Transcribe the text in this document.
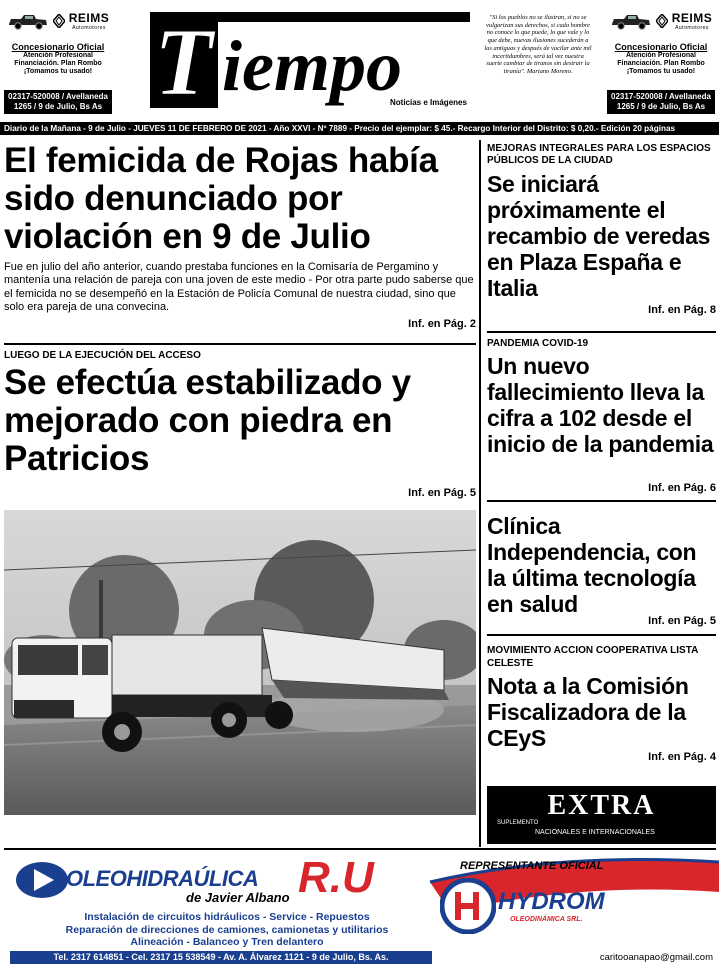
REIMS
Automotores
Concesionario Oficial
Atención Profesional
Financiación. Plan Rombo
¡Tomamos tu usado!
02317-520008 / Avellaneda
1265 / 9 de Julio, Bs As T iempo
Noticias e Imágenes
"Si los pueblos no se ilustran, si no se vulgarizan sus derechos, si cada hombre no conoce lo que puede, lo que vale y lo que debe, nuevas ilusiones sucederán a las antiguas y después de vacilar ante mil incertidumbres, será tal vez nuestra suerte cambiar de tiranos sin destruir la tiranía". Mariano Moreno.
REIMS
Automotores
Concesionario Oficial
Atención Profesional
Financiación. Plan Rombo
¡Tomamos tu usado!
02317-520008 / Avellaneda
1265 / 9 de Julio, Bs As
Diario de la Mañana - 9 de Julio - JUEVES 11 DE FEBRERO DE 2021 - Año XXVI - Nº 7889 - Precio del ejemplar: $ 45.- Recargo Interior del Distrito: $ 0,20.- Edición 20 páginas
El femicida de Rojas había sido denunciado por violación en 9 de Julio

Fue en julio del año anterior, cuando prestaba funciones en la Comisaría de Pergamino y mantenía una relación de pareja con una joven de este medio - Por otra parte pudo saberse que el femicida no se desempeñó en la Estación de Policía Comunal de nuestra ciudad, sino que solo era pareja de una convecina.

Inf. en Pág. 2
LUEGO DE LA EJECUCIÓN DEL ACCESO
Se efectúa estabilizado y mejorado con piedra en Patricios
Inf. en Pág. 5
MEJORAS INTEGRALES PARA LOS ESPACIOS PÚBLICOS DE LA CIUDAD
Se iniciará próximamente el recambio de veredas en Plaza España e Italia
Inf. en Pág. 8
PANDEMIA COVID-19
Un nuevo fallecimiento lleva la cifra a 102 desde el inicio de la pandemia
Inf. en Pág. 6
Clínica Independencia, con la última tecnología en salud
Inf. en Pág. 5
MOVIMIENTO ACCION COOPERATIVA LISTA CELESTE
Nota a la Comisión Fiscalizadora de la CEyS
Inf. en Pág. 4
EXTRA
SUPLEMENTO
NACIONALES E INTERNACIONALES
OLEOHIDRAÚLICA R.U
de Javier Albano
Instalación de circuitos hidráulicos - Service - Repuestos
Reparación de direcciones de camiones, camionetas y utilitarios
Alineación - Balanceo y Tren delantero
Tel. 2317 614851 - Cel. 2317 15 538549 - Av. A. Álvarez 1121 - 9 de Julio, Bs. As.
REPRESENTANTE OFICIAL
HYDROM
OLEODINÁMICA SRL.
caritooanapao@gmail.com
